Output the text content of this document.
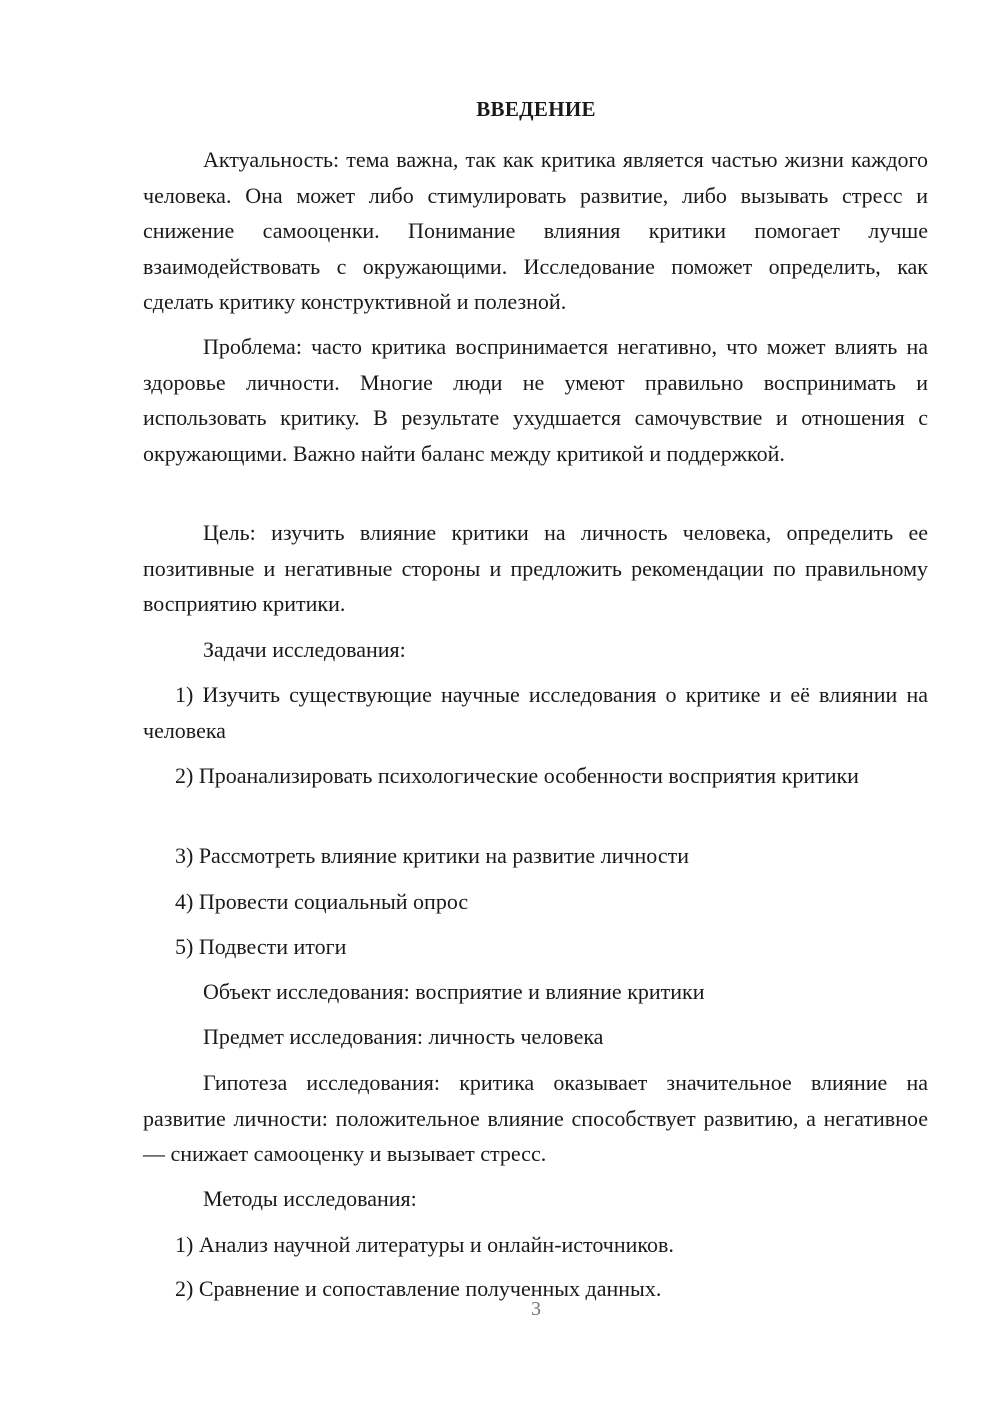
ВВЕДЕНИЕ

Актуальность: тема важна, так как критика является частью жизни каждого человека. Она может либо стимулировать развитие, либо вызывать стресс и снижение самооценки. Понимание влияния критики помогает лучше взаимодействовать с окружающими. Исследование поможет определить, как сделать критику конструктивной и полезной.

Проблема: часто критика воспринимается негативно, что может влиять на здоровье личности. Многие люди не умеют правильно воспринимать и использовать критику. В результате ухудшается самочувствие и отношения с окружающими. Важно найти баланс между критикой и поддержкой.

Цель: изучить влияние критики на личность человека, определить ее позитивные и негативные стороны и предложить рекомендации по правильному восприятию критики.

Задачи исследования:

1) Изучить существующие научные исследования о критике и её влиянии на человека

2) Проанализировать психологические особенности восприятия критики

3) Рассмотреть влияние критики на развитие личности

4) Провести социальный опрос

5) Подвести итоги

Объект исследования: восприятие и влияние критики

Предмет исследования: личность человека

Гипотеза исследования: критика оказывает значительное влияние на развитие личности: положительное влияние способствует развитию, а негативное — снижает самооценку и вызывает стресс.

Методы исследования:

1) Анализ научной литературы и онлайн-источников.

2) Сравнение и сопоставление полученных данных.

3
